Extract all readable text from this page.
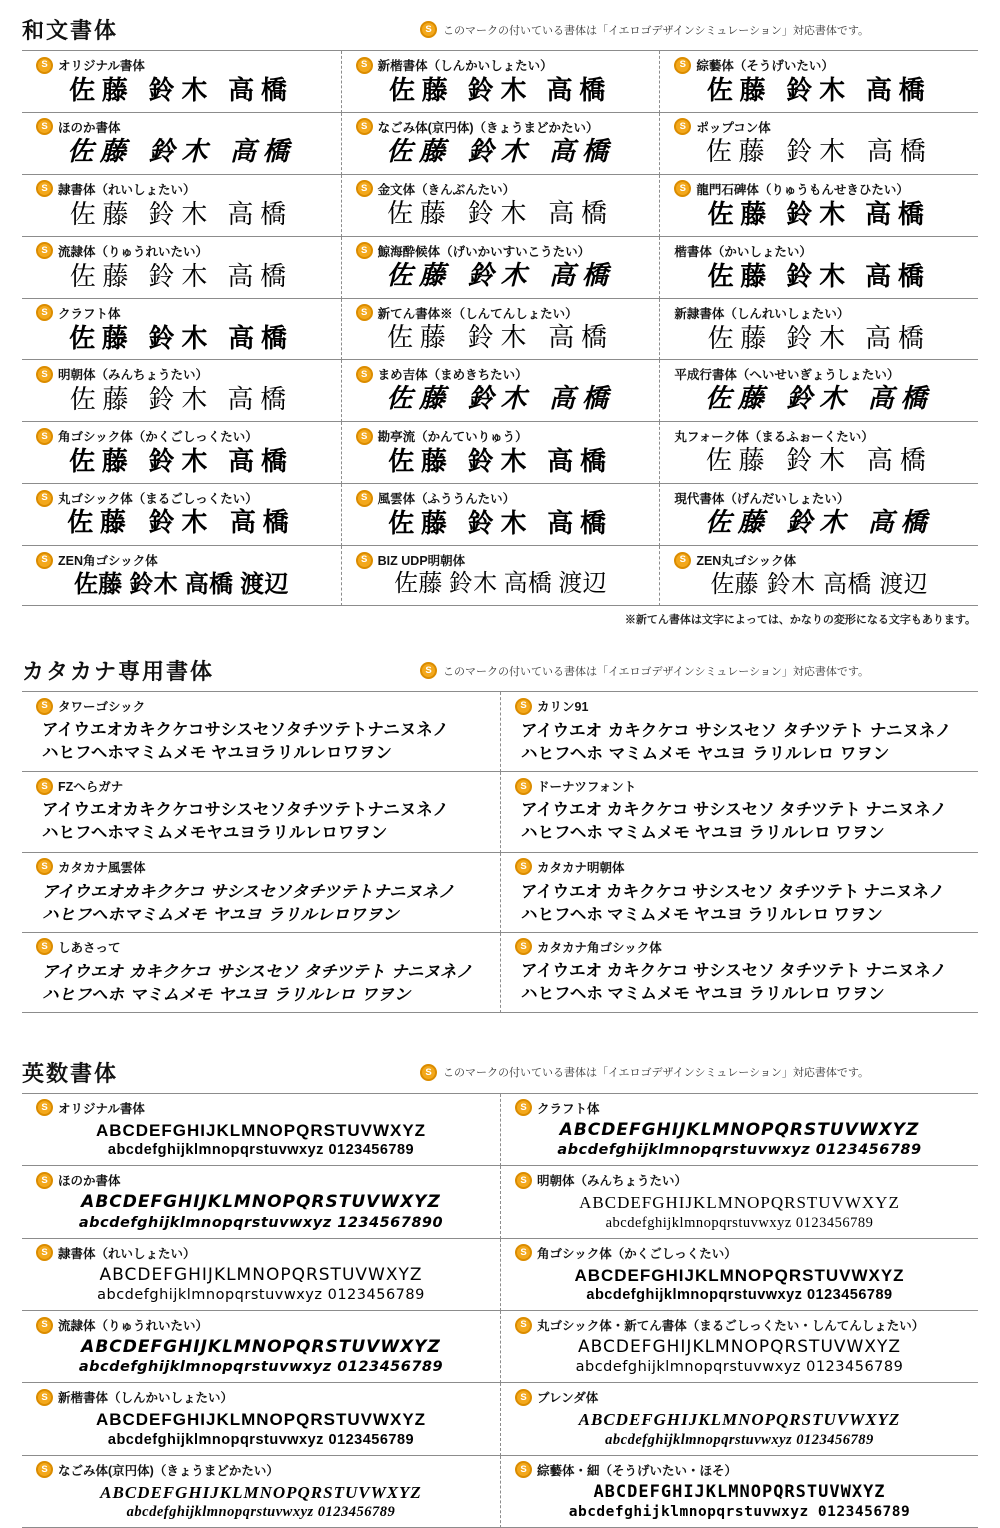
和文書体	S	このマークの付いている書体は「イエロゴデザインシミュレーション」対応書体です。
S オリジナル書体
佐藤 鈴木 高橋
S 新楷書体（しんかいしょたい）
佐藤 鈴木 高橋
S 綜藝体（そうげいたい）
佐藤 鈴木 高橋
S ほのか書体
佐藤 鈴木 高橋
S なごみ体(京円体)（きょうまどかたい）
佐藤 鈴木 高橋
S ポップコン体
佐藤 鈴木 高橋
S 隷書体（れいしょたい）
佐藤 鈴木 高橋
S 金文体（きんぶんたい）
佐藤 鈴木 高橋
S 龍門石碑体（りゅうもんせきひたい）
佐藤 鈴木 高橋
S 流隷体（りゅうれいたい）
佐藤 鈴木 高橋
S 鯨海酔候体（げいかいすいこうたい）
佐藤 鈴木 高橋
楷書体（かいしょたい）
佐藤 鈴木 高橋
S クラフト体
佐藤 鈴木 高橋
S 新てん書体※（しんてんしょたい）
佐藤 鈴木 高橋
新隷書体（しんれいしょたい）
佐藤 鈴木 高橋
S 明朝体（みんちょうたい）
佐藤 鈴木 高橋
S まめ吉体（まめきちたい）
佐藤 鈴木 高橋
平成行書体（へいせいぎょうしょたい）
佐藤 鈴木 高橋
S 角ゴシック体（かくごしっくたい）
佐藤 鈴木 高橋
S 勘亭流（かんていりゅう）
佐藤 鈴木 高橋
丸フォーク体（まるふぉーくたい）
佐藤 鈴木 高橋
S 丸ゴシック体（まるごしっくたい）
佐藤 鈴木 高橋
S 風雲体（ふううんたい）
佐藤 鈴木 高橋
現代書体（げんだいしょたい）
佐藤 鈴木 高橋
S ZEN角ゴシック体
佐藤 鈴木 高橋 渡辺
S BIZ UDP明朝体
佐藤 鈴木 高橋 渡辺
S ZEN丸ゴシック体
佐藤 鈴木 高橋 渡辺
※新てん書体は文字によっては、かなりの変形になる文字もあります。
カタカナ専用書体	S	このマークの付いている書体は「イエロゴデザインシミュレーション」対応書体です。
S タワーゴシック
アイウエオカキクケコサシスセソタチツテトナニヌネノ
ハヒフヘホマミムメモ ヤユヨラリルレロワヲン
S カリン91
アイウエオ カキクケコ サシスセソ タチツテト ナニヌネノ
ハヒフヘホ マミムメモ ヤユヨ ラリルレロ ワヲン
S FZへらガナ
アイウエオカキクケコサシスセソタチツテトナニヌネノ
ハヒフヘホマミムメモヤユヨラリルレロワヲン
S ドーナツフォント
アイウエオ カキクケコ サシスセソ タチツテト ナニヌネノ
ハヒフヘホ マミムメモ ヤユヨ ラリルレロ ワヲン
S カタカナ風雲体
アイウエオカキクケコ サシスセソタチツテトナニヌネノ
ハヒフヘホマミムメモ ヤユヨ ラリルレロワヲン
S カタカナ明朝体
アイウエオ カキクケコ サシスセソ タチツテト ナニヌネノ
ハヒフヘホ マミムメモ ヤユヨ ラリルレロ ワヲン
S しあさって
アイウエオ カキクケコ サシスセソ タチツテト ナニヌネノ
ハヒフヘホ マミムメモ ヤユヨ ラリルレロ ワヲン
S カタカナ角ゴシック体
アイウエオ カキクケコ サシスセソ タチツテト ナニヌネノ
ハヒフヘホ マミムメモ ヤユヨ ラリルレロ ワヲン
英数書体	S	このマークの付いている書体は「イエロゴデザインシミュレーション」対応書体です。
S オリジナル書体
ABCDEFGHIJKLMNOPQRSTUVWXYZ
abcdefghijklmnopqrstuvwxyz 0123456789
S クラフト体
ABCDEFGHIJKLMNOPQRSTUVWXYZ
abcdefghijklmnopqrstuvwxyz 0123456789
S ほのか書体
ABCDEFGHIJKLMNOPQRSTUVWXYZ
abcdefghijklmnopqrstuvwxyz 1234567890
S 明朝体（みんちょうたい）
ABCDEFGHIJKLMNOPQRSTUVWXYZ
abcdefghijklmnopqrstuvwxyz 0123456789
S 隷書体（れいしょたい）
ABCDEFGHIJKLMNOPQRSTUVWXYZ
abcdefghijklmnopqrstuvwxyz 0123456789
S 角ゴシック体（かくごしっくたい）
ABCDEFGHIJKLMNOPQRSTUVWXYZ
abcdefghijklmnopqrstuvwxyz 0123456789
S 流隷体（りゅうれいたい）
ABCDEFGHIJKLMNOPQRSTUVWXYZ
abcdefghijklmnopqrstuvwxyz 0123456789
S 丸ゴシック体・新てん書体（まるごしっくたい・しんてんしょたい）
ABCDEFGHIJKLMNOPQRSTUVWXYZ
abcdefghijklmnopqrstuvwxyz 0123456789
S 新楷書体（しんかいしょたい）
ABCDEFGHIJKLMNOPQRSTUVWXYZ
abcdefghijklmnopqrstuvwxyz 0123456789
S ブレンダ体
ABCDEFGHIJKLMNOPQRSTUVWXYZ
abcdefghijklmnopqrstuvwxyz 0123456789
S なごみ体(京円体)（きょうまどかたい）
ABCDEFGHIJKLMNOPQRSTUVWXYZ
abcdefghijklmnopqrstuvwxyz 0123456789
S 綜藝体・細（そうげいたい・ほそ）
ABCDEFGHIJKLMNOPQRSTUVWXYZ
abcdefghijklmnopqrstuvwxyz 0123456789
